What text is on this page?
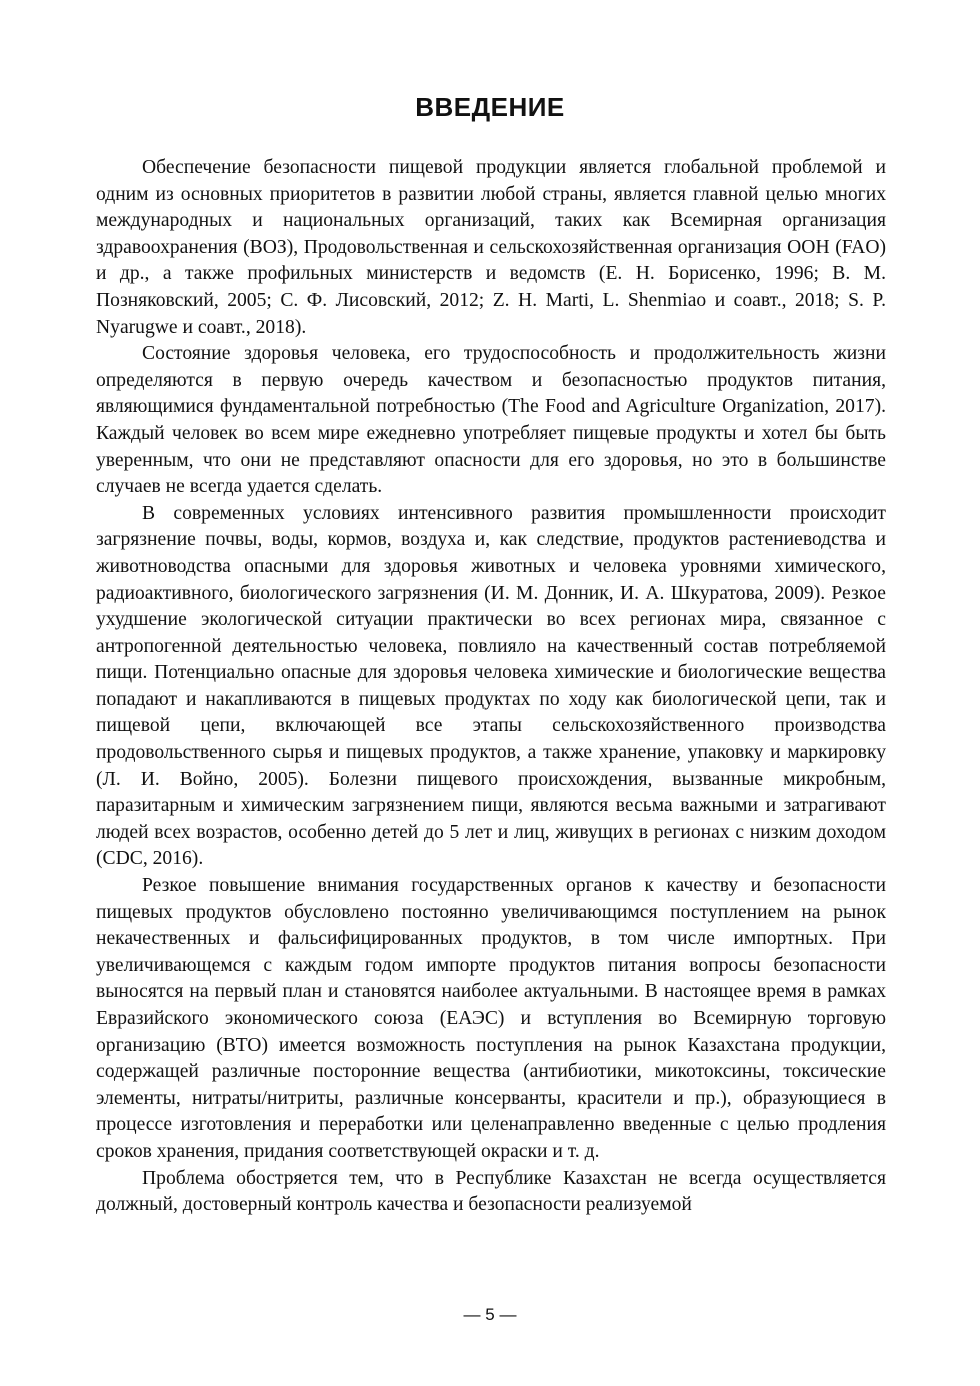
ВВЕДЕНИЕ

Обеспечение безопасности пищевой продукции является глобальной проблемой и одним из основных приоритетов в развитии любой страны, является главной целью многих международных и национальных организаций, таких как Всемирная организация здравоохранения (ВОЗ), Продовольственная и сельскохозяйственная организация ООН (FAO) и др., а также профильных министерств и ведомств (Е. Н. Борисенко, 1996; В. М. Позняковский, 2005; С. Ф. Лисовский, 2012; Z. H. Marti, L. Shenmiao и соавт., 2018; S. P. Nyarugwe и соавт., 2018).

Состояние здоровья человека, его трудоспособность и продолжительность жизни определяются в первую очередь качеством и безопасностью продуктов питания, являющимися фундаментальной потребностью (The Food and Agriculture Organization, 2017). Каждый человек во всем мире ежедневно употребляет пищевые продукты и хотел бы быть уверенным, что они не представляют опасности для его здоровья, но это в большинстве случаев не всегда удается сделать.

В современных условиях интенсивного развития промышленности происходит загрязнение почвы, воды, кормов, воздуха и, как следствие, продуктов растениеводства и животноводства опасными для здоровья животных и человека уровнями химического, радиоактивного, биологического загрязнения (И. М. Донник, И. А. Шкуратова, 2009). Резкое ухудшение экологической ситуации практически во всех регионах мира, связанное с антропогенной деятельностью человека, повлияло на качественный состав потребляемой пищи. Потенциально опасные для здоровья человека химические и биологические вещества попадают и накапливаются в пищевых продуктах по ходу как биологической цепи, так и пищевой цепи, включающей все этапы сельскохозяйственного производства продовольственного сырья и пищевых продуктов, а также хранение, упаковку и маркировку (Л. И. Войно, 2005). Болезни пищевого происхождения, вызванные микробным, паразитарным и химическим загрязнением пищи, являются весьма важными и затрагивают людей всех возрастов, особенно детей до 5 лет и лиц, живущих в регионах с низким доходом (CDC, 2016).

Резкое повышение внимания государственных органов к качеству и безопасности пищевых продуктов обусловлено постоянно увеличивающимся поступлением на рынок некачественных и фальсифицированных продуктов, в том числе импортных. При увеличивающемся с каждым годом импорте продуктов питания вопросы безопасности выносятся на первый план и становятся наиболее актуальными. В настоящее время в рамках Евразийского экономического союза (ЕАЭС) и вступления во Всемирную торговую организацию (ВТО) имеется возможность поступления на рынок Казахстана продукции, содержащей различные посторонние вещества (антибиотики, микотоксины, токсические элементы, нитраты/нитриты, различные консерванты, красители и пр.), образующиеся в процессе изготовления и переработки или целенаправленно введенные с целью продления сроков хранения, придания соответствующей окраски и т. д.

Проблема обостряется тем, что в Республике Казахстан не всегда осуществляется должный, достоверный контроль качества и безопасности реализуемой

— 5 —
